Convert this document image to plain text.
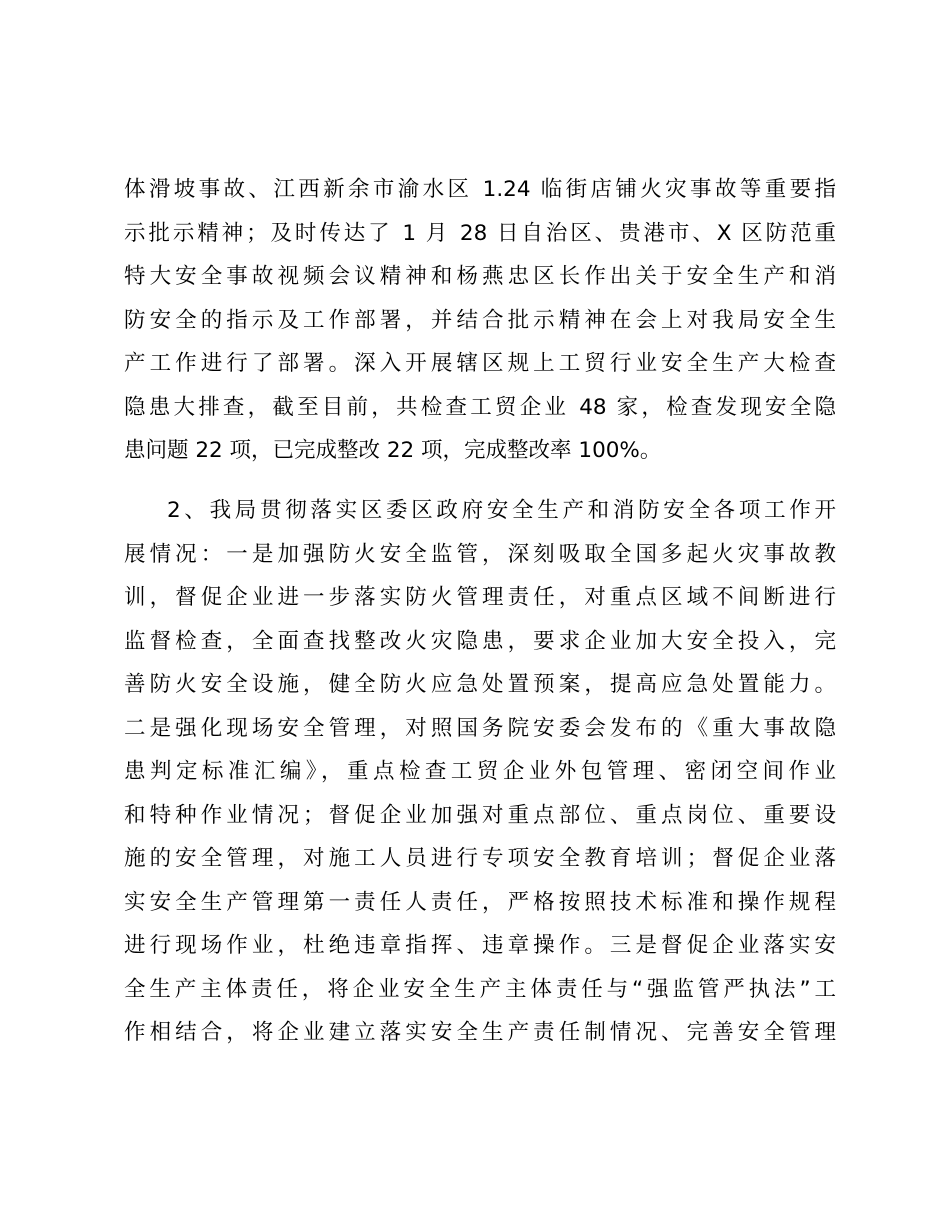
体滑坡事故、江西新余市渝水区 1.24 临街店铺火灾事故等重要指
示批示精神；及时传达了 1 月 28 日自治区、贵港市、X 区防范重
特大安全事故视频会议精神和杨燕忠区长作出关于安全生产和消
防安全的指示及工作部署，并结合批示精神在会上对我局安全生
产工作进行了部署。深入开展辖区规上工贸行业安全生产大检查
隐患大排查，截至目前，共检查工贸企业 48 家，检查发现安全隐
患问题 22 项，已完成整改 22 项，完成整改率 100%。
2、我局贯彻落实区委区政府安全生产和消防安全各项工作开
展情况：一是加强防火安全监管，深刻吸取全国多起火灾事故教
训，督促企业进一步落实防火管理责任，对重点区域不间断进行
监督检查，全面查找整改火灾隐患，要求企业加大安全投入，完
善防火安全设施，健全防火应急处置预案，提高应急处置能力。
二是强化现场安全管理，对照国务院安委会发布的《重大事故隐
患判定标准汇编》，重点检查工贸企业外包管理、密闭空间作业
和特种作业情况；督促企业加强对重点部位、重点岗位、重要设
施的安全管理，对施工人员进行专项安全教育培训；督促企业落
实安全生产管理第一责任人责任，严格按照技术标准和操作规程
进行现场作业，杜绝违章指挥、违章操作。三是督促企业落实安
全生产主体责任，将企业安全生产主体责任与“强监管严执法”工
作相结合，将企业建立落实安全生产责任制情况、完善安全管理
